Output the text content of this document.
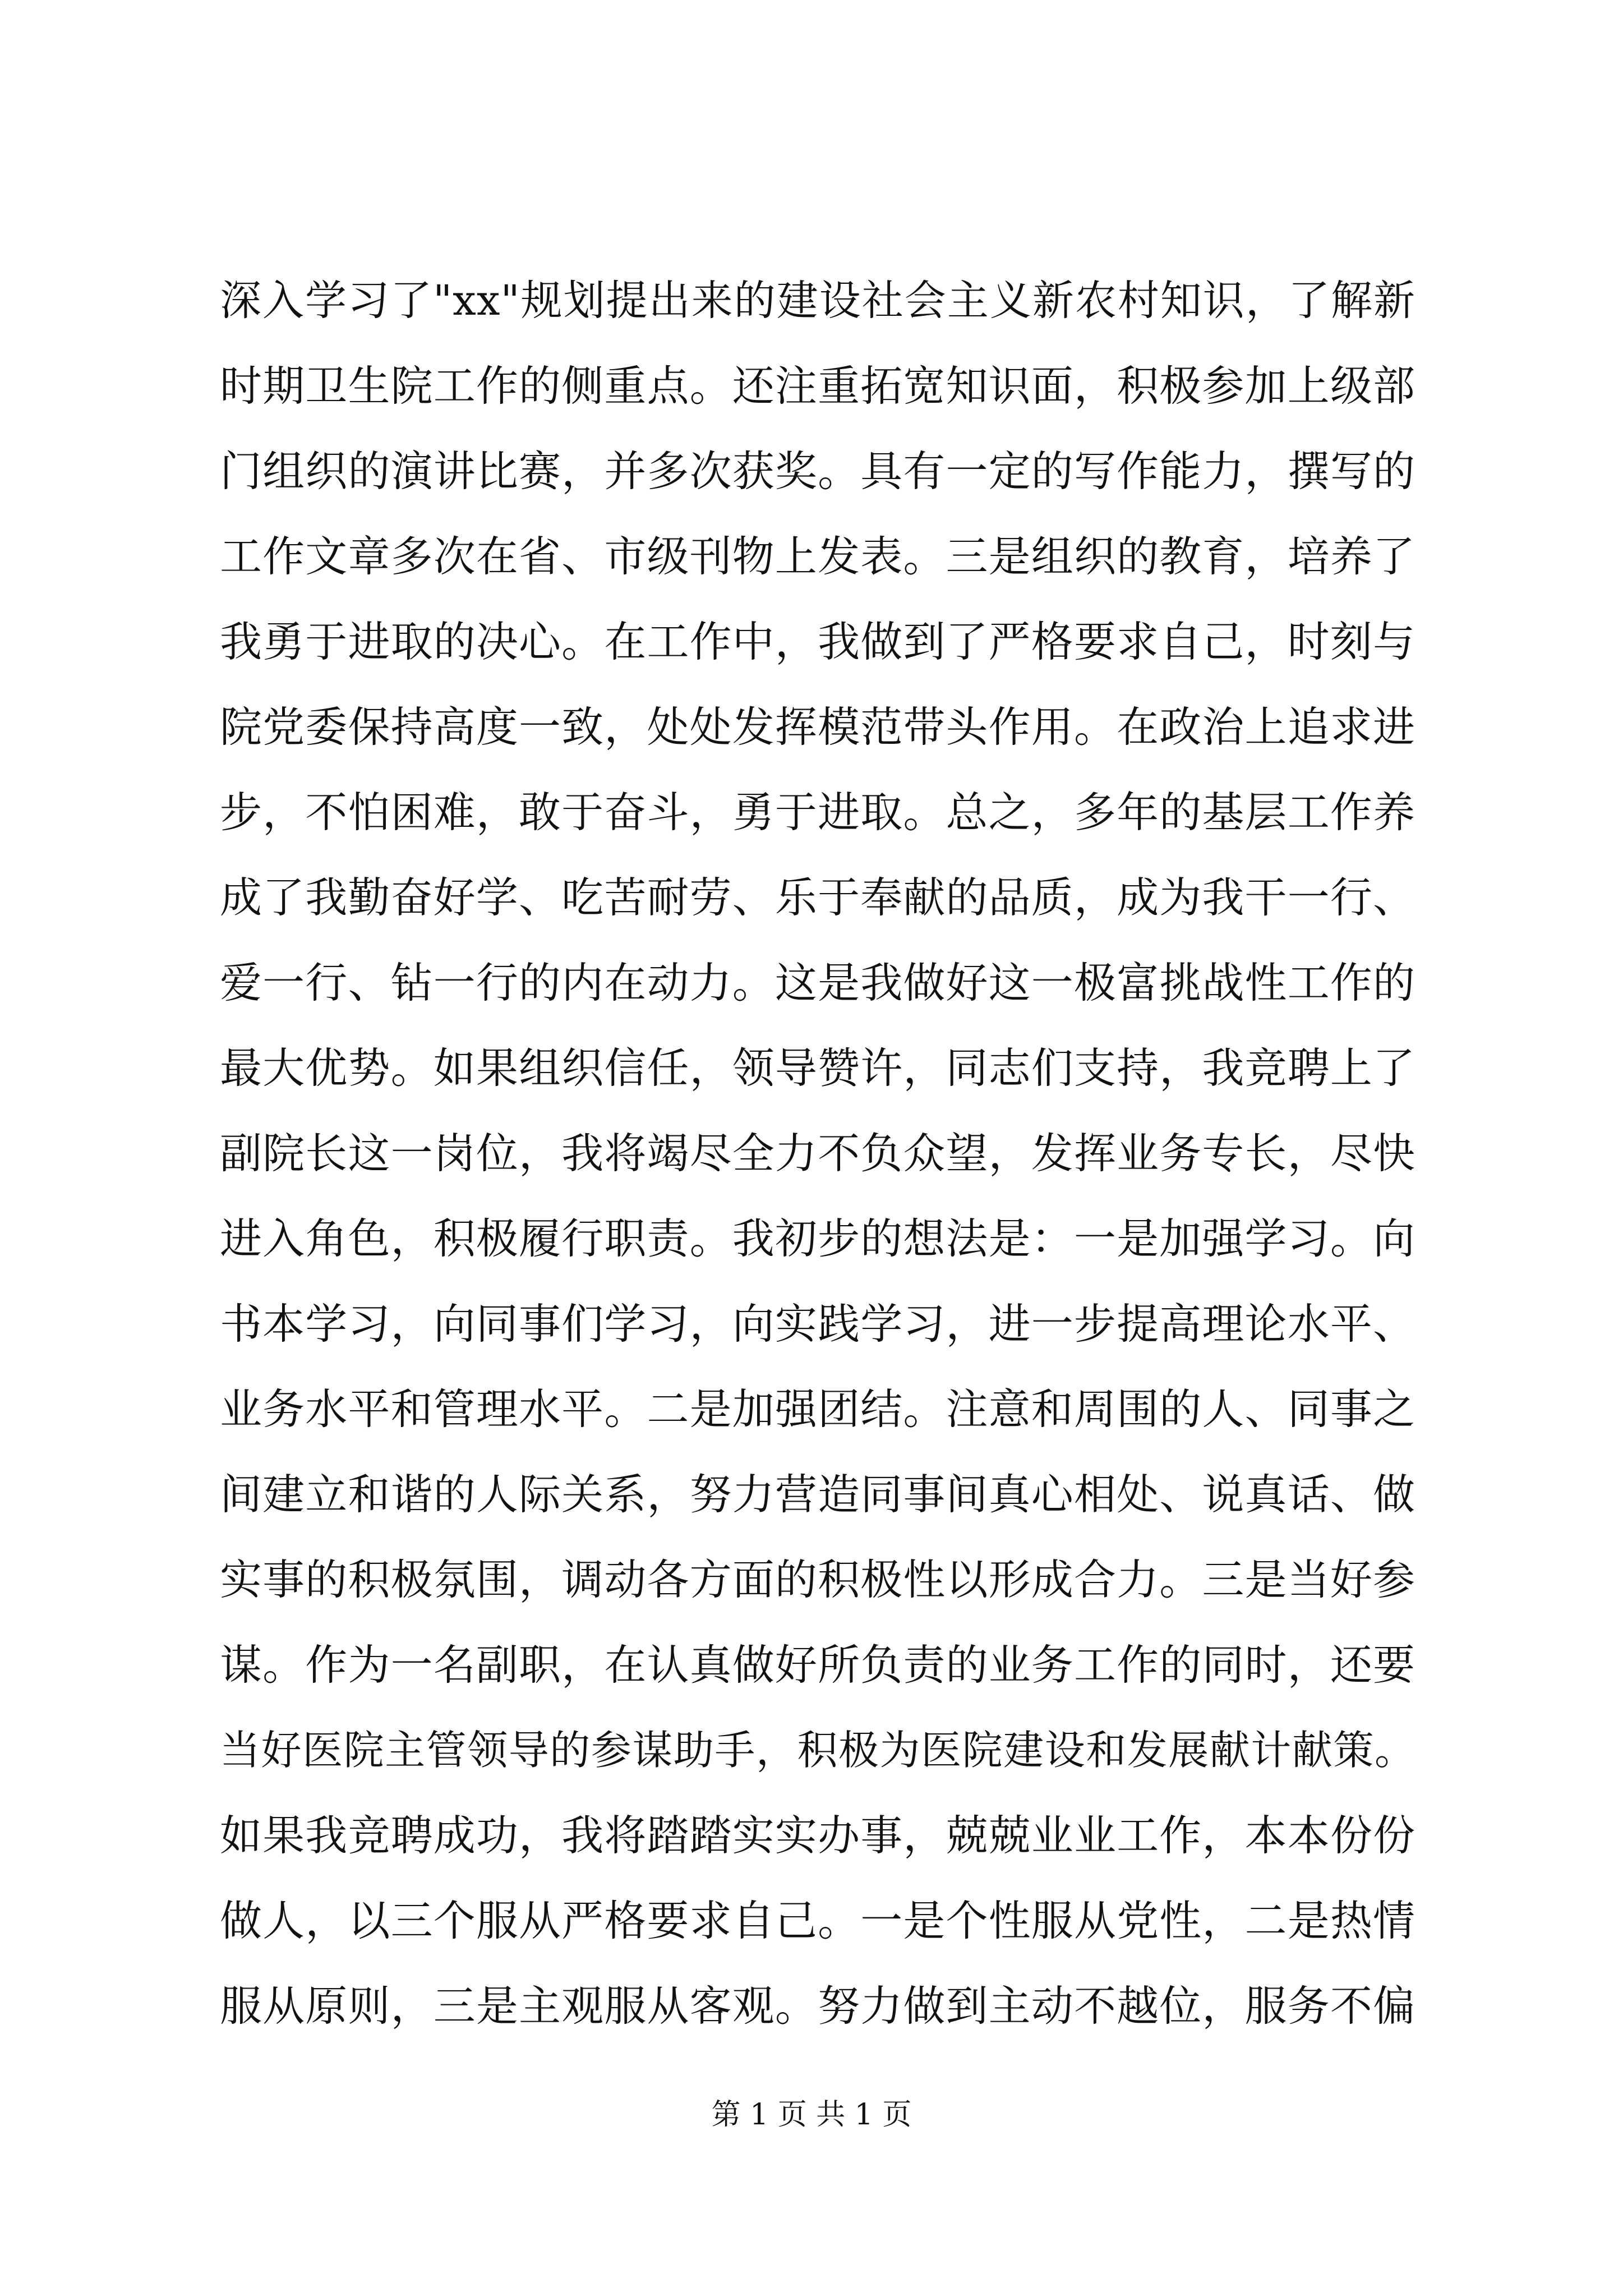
深入学习了"xx"规划提出来的建设社会主义新农村知识，了解新
时期卫生院工作的侧重点。还注重拓宽知识面，积极参加上级部
门组织的演讲比赛，并多次获奖。具有一定的写作能力，撰写的
工作文章多次在省、市级刊物上发表。三是组织的教育，培养了
我勇于进取的决心。在工作中，我做到了严格要求自己，时刻与
院党委保持高度一致，处处发挥模范带头作用。在政治上追求进
步，不怕困难，敢于奋斗，勇于进取。总之，多年的基层工作养
成了我勤奋好学、吃苦耐劳、乐于奉献的品质，成为我干一行、
爱一行、钻一行的内在动力。这是我做好这一极富挑战性工作的
最大优势。如果组织信任，领导赞许，同志们支持，我竞聘上了
副院长这一岗位，我将竭尽全力不负众望，发挥业务专长，尽快
进入角色，积极履行职责。我初步的想法是：一是加强学习。向
书本学习，向同事们学习，向实践学习，进一步提高理论水平、
业务水平和管理水平。二是加强团结。注意和周围的人、同事之
间建立和谐的人际关系，努力营造同事间真心相处、说真话、做
实事的积极氛围，调动各方面的积极性以形成合力。三是当好参
谋。作为一名副职，在认真做好所负责的业务工作的同时，还要
当好医院主管领导的参谋助手，积极为医院建设和发展献计献策。
如果我竞聘成功，我将踏踏实实办事，兢兢业业工作，本本份份
做人，以三个服从严格要求自己。一是个性服从党性，二是热情
服从原则，三是主观服从客观。努力做到主动不越位，服务不偏
第 1 页 共 1 页
